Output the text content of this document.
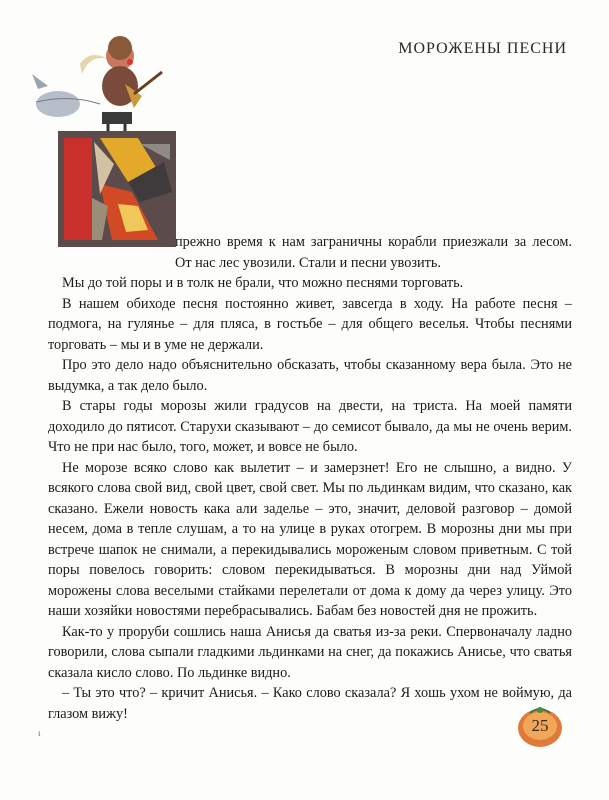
МОРОЖЕНЫ ПЕСНИ

прежно время к нам заграничны корабли приезжали за лесом. От нас лес увозили. Стали и песни увозить.

Мы до той поры и в толк не брали, что можно песнями торговать.

В нашем обиходе песня постоянно живет, завсегда в ходу. На работе песня – подмога, на гулянье – для пляса, в гостьбе – для общего веселья. Чтобы песнями торговать – мы и в уме не держали.

Про это дело надо объяснительно обсказать, чтобы сказанному вера была. Это не выдумка, а так дело было.

В стары годы морозы жили градусов на двести, на триста. На моей памяти доходило до пятисот. Старухи сказывают – до семисот бывало, да мы не очень верим. Что не при нас было, того, может, и вовсе не было.

Не морозе всяко слово как вылетит – и замерзнет! Его не слышно, а видно. У всякого слова свой вид, свой цвет, свой свет. Мы по льдинкам видим, что сказано, как сказано. Ежели новость кака али заделье – это, значит, деловой разговор – домой несем, дома в тепле слушам, а то на улице в руках отогрем. В морозны дни мы при встрече шапок не снимали, а перекидывались мороженым словом приветным. С той поры повелось говорить: словом перекидываться. В морозны дни над Уймой морожены слова веселыми стайками перелетали от дома к дому да через улицу. Это наши хозяйки новостями перебрасывались. Бабам без новостей дня не прожить.

Как-то у проруби сошлись наша Анисья да сватья из-за реки. Спервоначалу ладно говорили, слова сыпали гладкими льдинками на снег, да покажись Анисье, что сватья сказала кисло слово. По льдинке видно.

– Ты это что? – кричит Анисья. – Како слово сказала? Я хошь ухом не воймую, да глазом вижу!

ι	25
